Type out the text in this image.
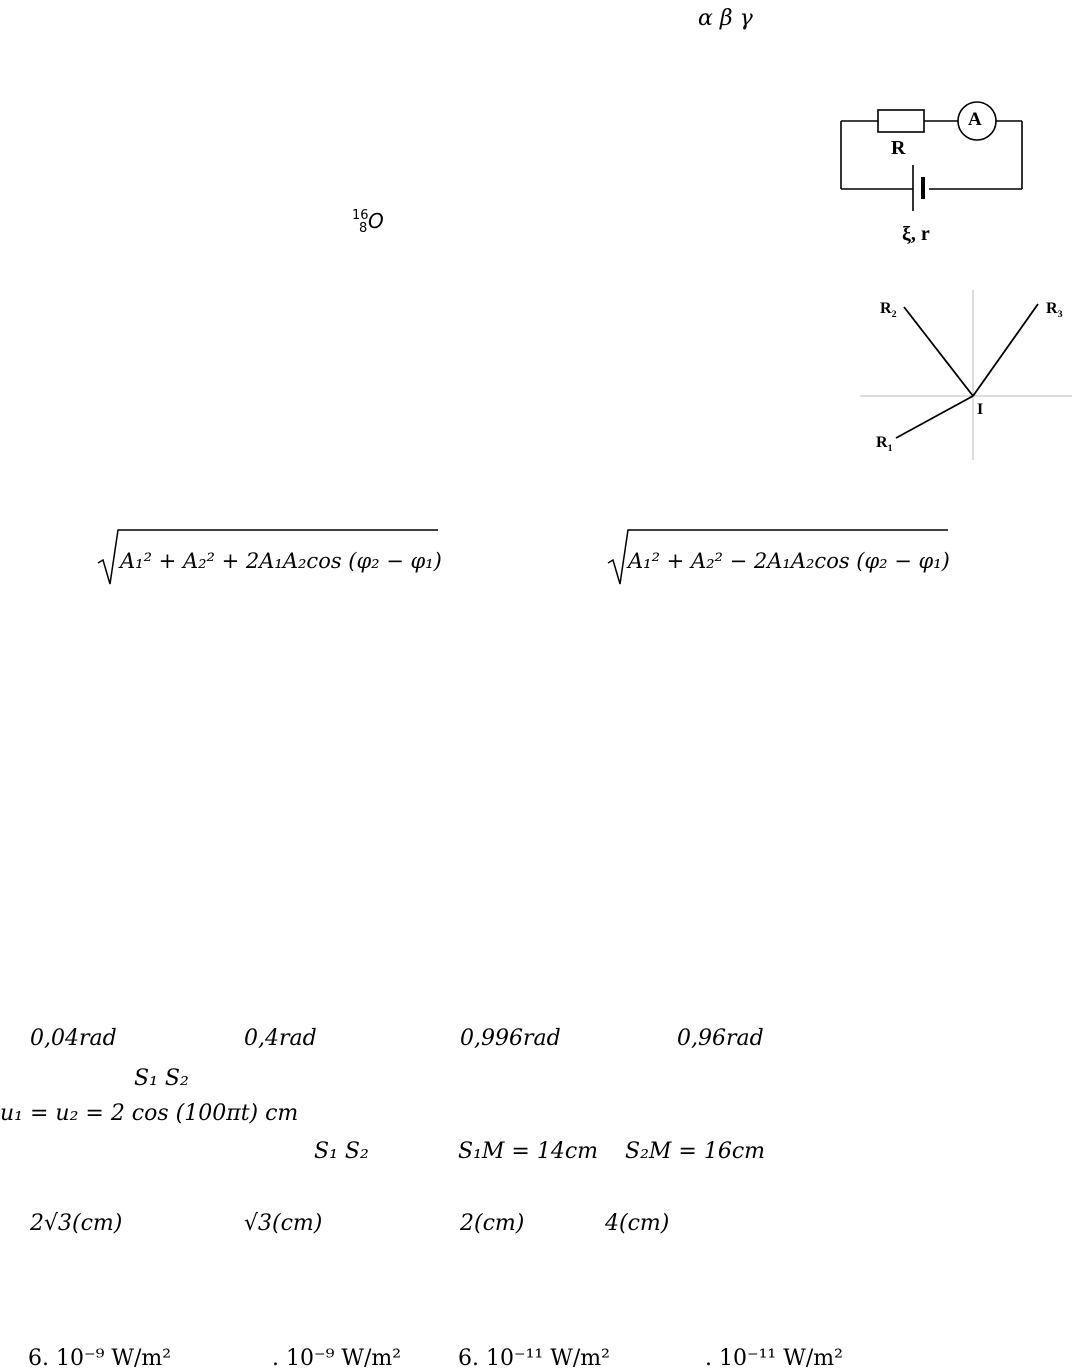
α β γ
A
R
ξ, r
16
8 O
$R_2$	$R_3$
$R_1$
I
A₁² + A₂² + 2A₁A₂cos (φ₂ − φ₁)	A₁² + A₂² − 2A₁A₂cos (φ₂ − φ₁)
0,04rad	0,4rad	0,996rad	0,96rad
S₁ S₂
u₁ = u₂ = 2 cos (100πt) cm
S₁ S₂	S₁M = 14cm S₂M = 16cm
2√3(cm)	√3(cm)	2(cm)	4(cm)
6. 10⁻⁹ W/m²	. 10⁻⁹ W/m²	6. 10⁻¹¹ W/m²	. 10⁻¹¹ W/m²
